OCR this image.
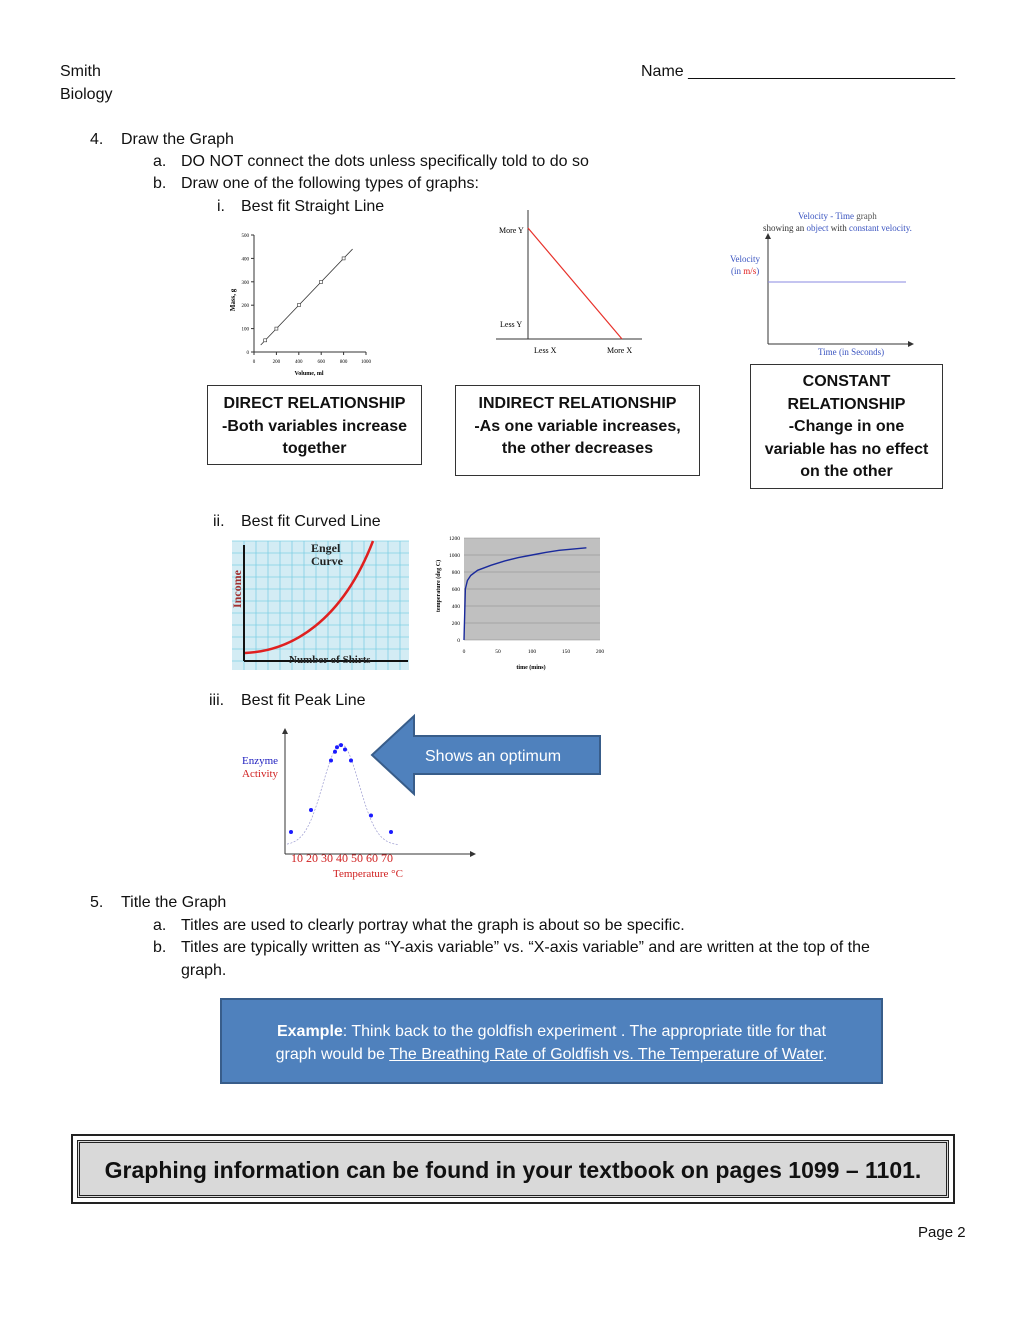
Smith
Biology
Name ______________________________
4. Draw the Graph
a. DO NOT connect the dots unless specifically told to do so
b. Draw one of the following types of graphs:
i. Best fit Straight Line
0
100
200
300
400
500
0	200	400	600	800	1000
Mass, g
Volume, ml
More Y
Less Y
Less X	More X
Velocity - Time graph
showing an object with constant velocity.
Velocity
(in m/s)
Time (in Seconds)
DIRECT RELATIONSHIP
-Both variables increase
together
INDIRECT RELATIONSHIP
-As one variable increases,
the other decreases
CONSTANT
RELATIONSHIP
-Change in one
variable has no effect
on the other
ii. Best fit Curved Line
Engel
Curve
Income
Number of Shirts
0
200
400
600
800
1000
1200
0	50	100	150	200
temperature (deg C)
time (mins)
iii. Best fit Peak Line
Enzyme
Activity
10 20 30 40 50 60 70
Temperature °C
Shows an optimum
5. Title the Graph
a. Titles are used to clearly portray what the graph is about so be specific.
b. Titles are typically written as “Y-axis variable” vs. “X-axis variable” and are written at the top of the
graph.
Example: Think back to the goldfish experiment . The appropriate title for that
graph would be The Breathing Rate of Goldfish vs. The Temperature of Water.
Graphing information can be found in your textbook on pages 1099 – 1101.
Page 2
